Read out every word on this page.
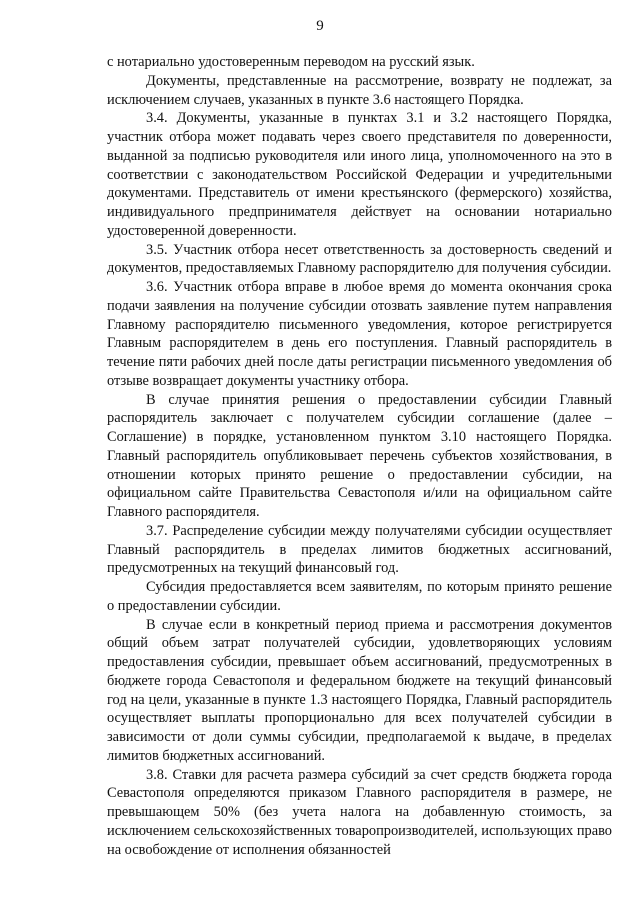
9

с нотариально удостоверенным переводом на русский язык.

Документы, представленные на рассмотрение, возврату не подлежат, за исключением случаев, указанных в пункте 3.6 настоящего Порядка.

3.4. Документы, указанные в пунктах 3.1 и 3.2 настоящего Порядка, участник отбора может подавать через своего представителя по доверенности, выданной за подписью руководителя или иного лица, уполномоченного на это в соответствии с законодательством Российской Федерации и учредительными документами. Представитель от имени крестьянского (фермерского) хозяйства, индивидуального предпринимателя действует на основании нотариально удостоверенной доверенности.

3.5. Участник отбора несет ответственность за достоверность сведений и документов, предоставляемых Главному распорядителю для получения субсидии.

3.6. Участник отбора вправе в любое время до момента окончания срока подачи заявления на получение субсидии отозвать заявление путем направления Главному распорядителю письменного уведомления, которое регистрируется Главным распорядителем в день его поступления. Главный распорядитель в течение пяти рабочих дней после даты регистрации письменного уведомления об отзыве возвращает документы участнику отбора.

В случае принятия решения о предоставлении субсидии Главный распорядитель заключает с получателем субсидии соглашение (далее – Соглашение) в порядке, установленном пунктом 3.10 настоящего Порядка. Главный распорядитель опубликовывает перечень субъектов хозяйствования, в отношении которых принято решение о предоставлении субсидии, на официальном сайте Правительства Севастополя и/или на официальном сайте Главного распорядителя.

3.7. Распределение субсидии между получателями субсидии осуществляет Главный распорядитель в пределах лимитов бюджетных ассигнований, предусмотренных на текущий финансовый год.

Субсидия предоставляется всем заявителям, по которым принято решение о предоставлении субсидии.

В случае если в конкретный период приема и рассмотрения документов общий объем затрат получателей субсидии, удовлетворяющих условиям предоставления субсидии, превышает объем ассигнований, предусмотренных в бюджете города Севастополя и федеральном бюджете на текущий финансовый год на цели, указанные в пункте 1.3 настоящего Порядка, Главный распорядитель осуществляет выплаты пропорционально для всех получателей субсидии в зависимости от доли суммы субсидии, предполагаемой к выдаче, в пределах лимитов бюджетных ассигнований.

3.8. Ставки для расчета размера субсидий за счет средств бюджета города Севастополя определяются приказом Главного распорядителя в размере, не превышающем 50% (без учета налога на добавленную стоимость, за исключением сельскохозяйственных товаропроизводителей, использующих право на освобождение от исполнения обязанностей
